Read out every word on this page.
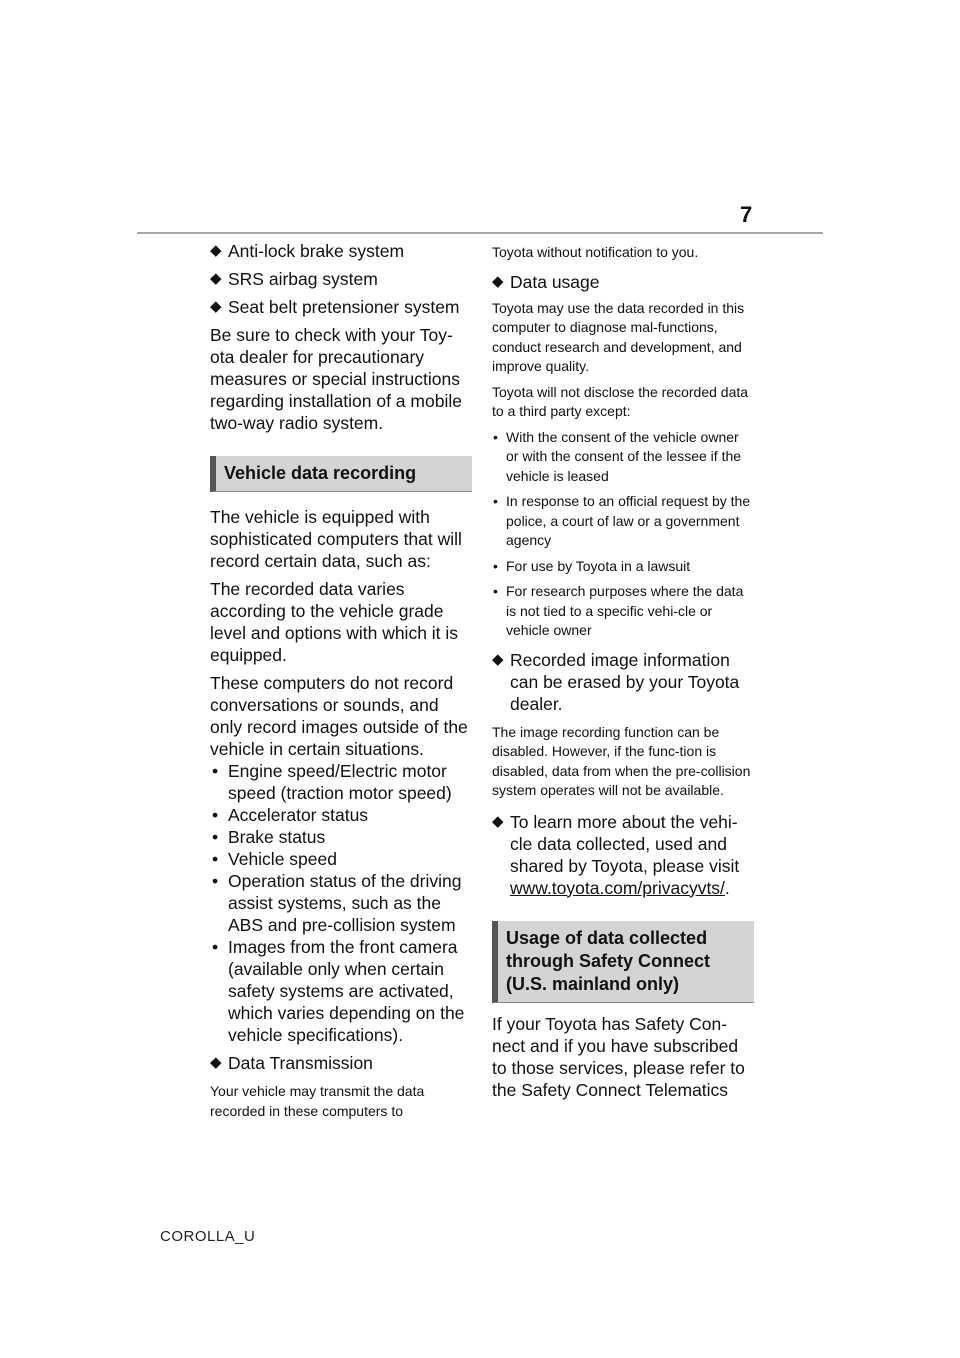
7

◆ Anti-lock brake system

◆ SRS airbag system

◆ Seat belt pretensioner system

Be sure to check with your Toy-ota dealer for precautionary measures or special instructions regarding installation of a mobile two-way radio system.

Vehicle data recording

The vehicle is equipped with sophisticated computers that will record certain data, such as:

The recorded data varies according to the vehicle grade level and options with which it is equipped.

These computers do not record conversations or sounds, and only record images outside of the vehicle in certain situations.

• Engine speed/Electric motor speed (traction motor speed)
• Accelerator status
• Brake status
• Vehicle speed
• Operation status of the driving assist systems, such as the ABS and pre-collision system
• Images from the front camera (available only when certain safety systems are activated, which varies depending on the vehicle specifications).

◆ Data Transmission

Your vehicle may transmit the data recorded in these computers to

Toyota without notification to you.

◆ Data usage

Toyota may use the data recorded in this computer to diagnose mal-functions, conduct research and development, and improve quality.

Toyota will not disclose the recorded data to a third party except:

• With the consent of the vehicle owner or with the consent of the lessee if the vehicle is leased
• In response to an official request by the police, a court of law or a government agency
• For use by Toyota in a lawsuit
• For research purposes where the data is not tied to a specific vehi-cle or vehicle owner

◆ Recorded image information can be erased by your Toyota dealer.

The image recording function can be disabled. However, if the func-tion is disabled, data from when the pre-collision system operates will not be available.

◆ To learn more about the vehi-cle data collected, used and shared by Toyota, please visit www.toyota.com/privacyvts/.

Usage of data collected through Safety Connect (U.S. mainland only)

If your Toyota has Safety Con-nect and if you have subscribed to those services, please refer to the Safety Connect Telematics

COROLLA_U
